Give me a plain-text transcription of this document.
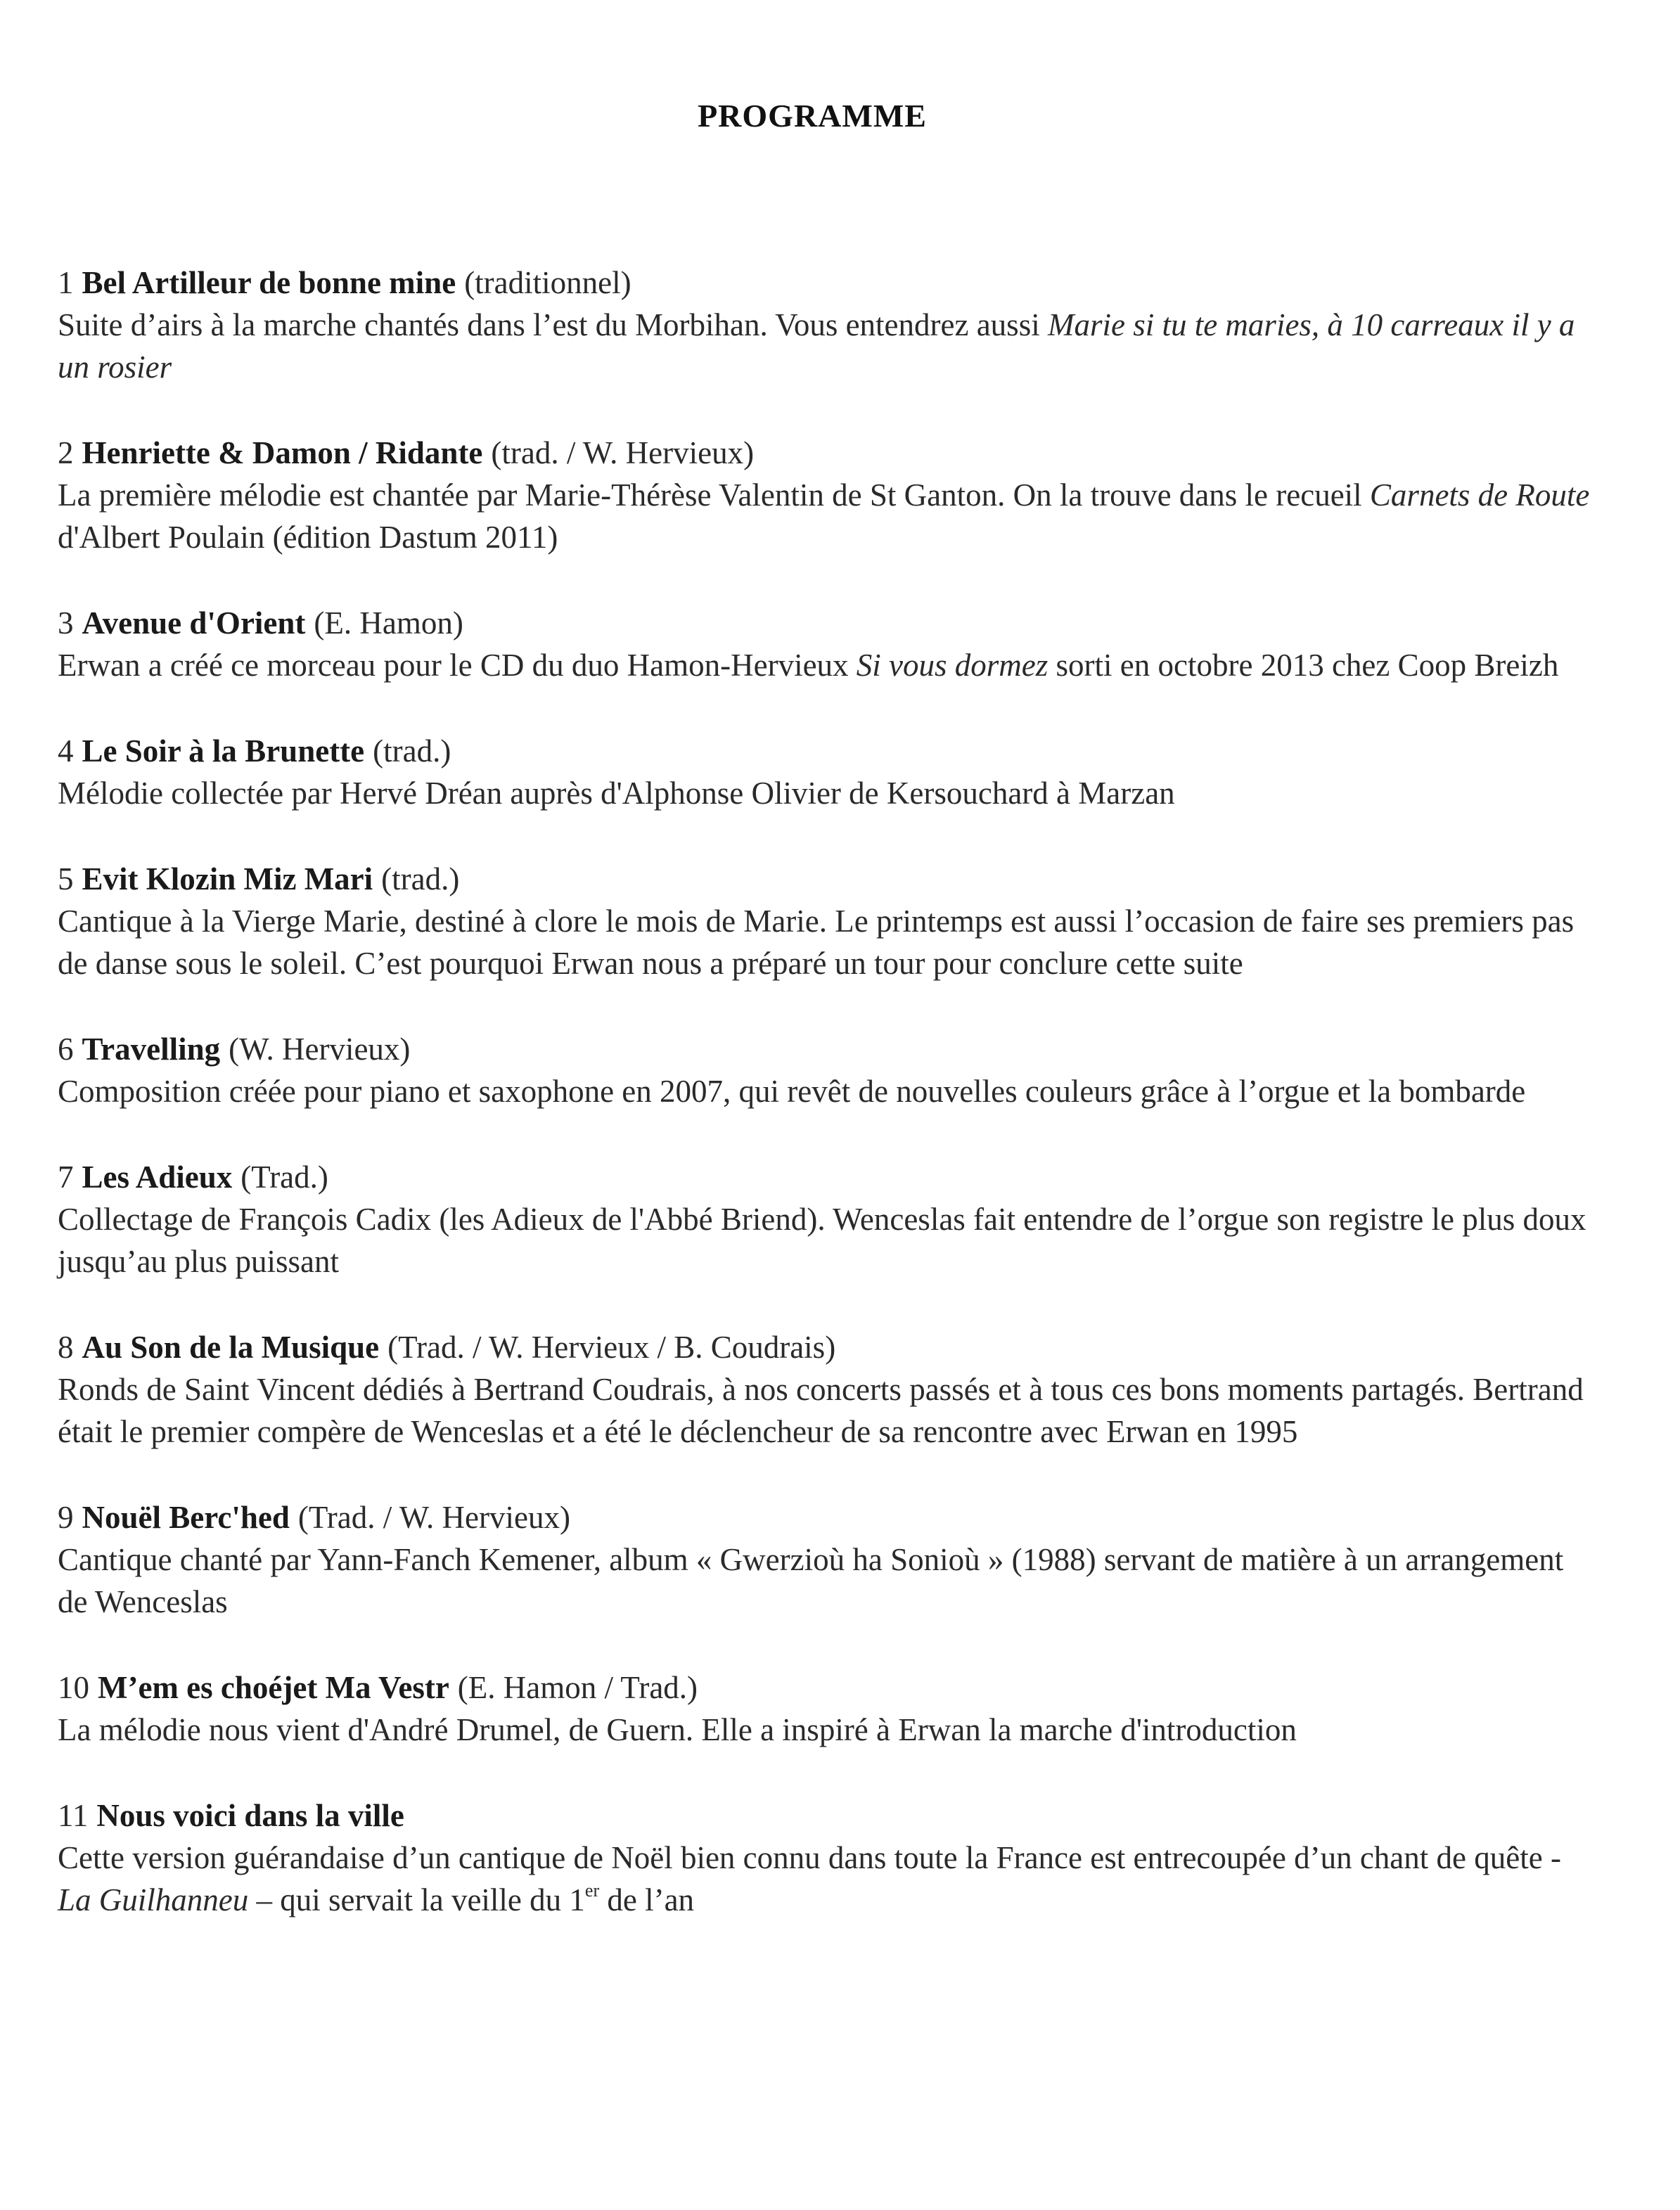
PROGRAMME
1 Bel Artilleur de bonne mine (traditionnel)

Suite d’airs à la marche chantés dans l’est du Morbihan. Vous entendrez aussi Marie si tu te maries, à 10 carreaux il y a un rosier

2 Henriette & Damon / Ridante (trad. / W. Hervieux)

La première mélodie est chantée par Marie-Thérèse Valentin de St Ganton. On la trouve dans le recueil Carnets de Route d'Albert Poulain (édition Dastum 2011)

3 Avenue d'Orient (E. Hamon)

Erwan a créé ce morceau pour le CD du duo Hamon-Hervieux Si vous dormez sorti en octobre 2013 chez Coop Breizh

4 Le Soir à la Brunette (trad.)

Mélodie collectée par Hervé Dréan auprès d'Alphonse Olivier de Kersouchard à Marzan

5 Evit Klozin Miz Mari (trad.)

Cantique à la Vierge Marie, destiné à clore le mois de Marie. Le printemps est aussi l’occasion de faire ses premiers pas de danse sous le soleil. C’est pourquoi Erwan nous a préparé un tour pour conclure cette suite

6 Travelling (W. Hervieux)

Composition créée pour piano et saxophone en 2007, qui revêt de nouvelles couleurs grâce à l’orgue et la bombarde

7 Les Adieux (Trad.)

Collectage de François Cadix (les Adieux de l'Abbé Briend). Wenceslas fait entendre de l’orgue son registre le plus doux jusqu’au plus puissant

8 Au Son de la Musique (Trad. / W. Hervieux / B. Coudrais)

Ronds de Saint Vincent dédiés à Bertrand Coudrais, à nos concerts passés et à tous ces bons moments partagés. Bertrand était le premier compère de Wenceslas et a été le déclencheur de sa rencontre avec Erwan en 1995

9 Nouël Berc'hed (Trad. / W. Hervieux)

Cantique chanté par Yann-Fanch Kemener, album « Gwerzioù ha Sonioù » (1988) servant de matière à un arrangement de Wenceslas

10 M’em es choéjet Ma Vestr (E. Hamon / Trad.)

La mélodie nous vient d'André Drumel, de Guern. Elle a inspiré à Erwan la marche d'introduction

11 Nous voici dans la ville

Cette version guérandaise d’un cantique de Noël bien connu dans toute la France est entrecoupée d’un chant de quête - La Guilhanneu – qui servait la veille du 1er de l’an
